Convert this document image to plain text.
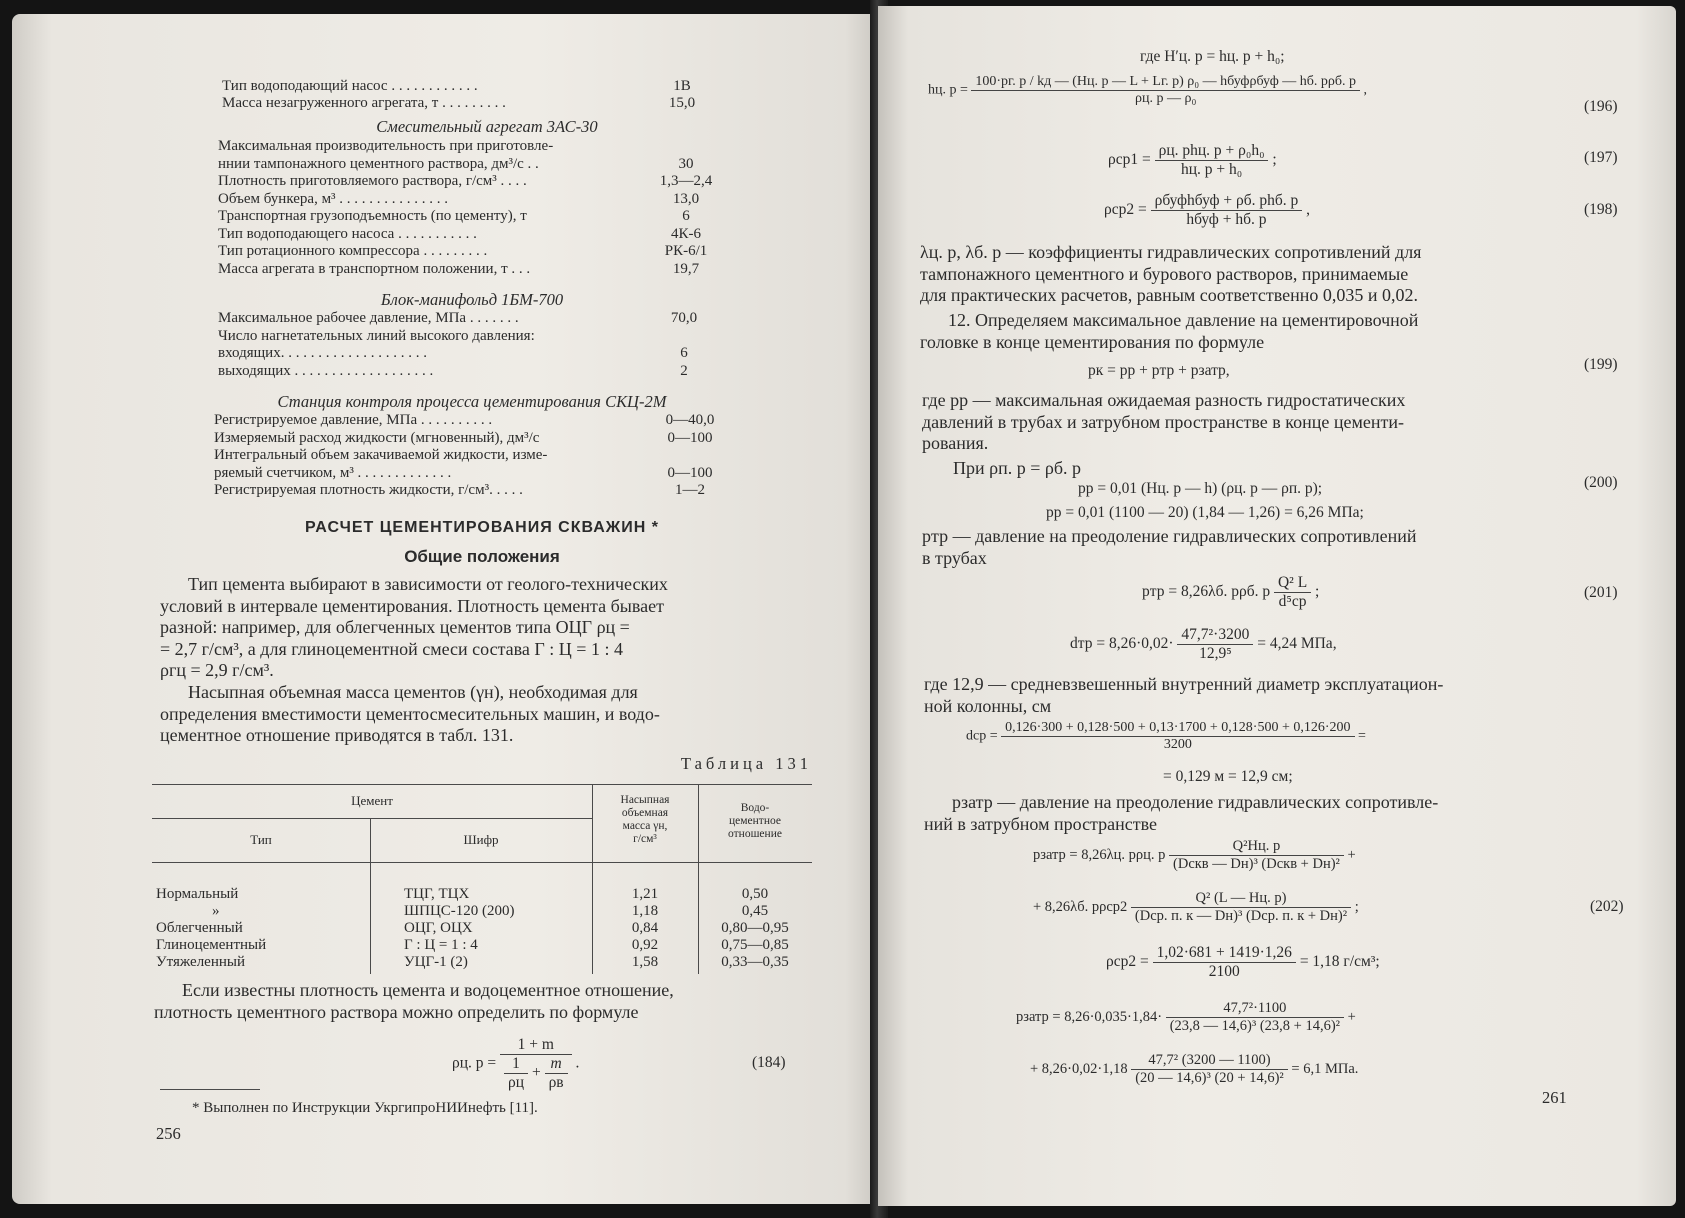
Тип водоподающий насос . . . . . . . . . . . .	1В
Масса незагруженного агрегата, т . . . . . . . . .	15,0
Смесительный агрегат 3АС-30
Максимальная производительность при приготовле-
ннии тампонажного цементного раствора, дм³/с . .	30
Плотность приготовляемого раствора, г/см³ . . . .	1,3—2,4
Объем бункера, м³ . . . . . . . . . . . . . . .	13,0
Транспортная грузоподъемность (по цементу), т	6
Тип водоподающего насоса . . . . . . . . . . .	4К-6
Тип ротационного компрессора . . . . . . . . .	РК-6/1
Масса агрегата в транспортном положении, т . . .	19,7
Блок-манифольд 1БМ-700
Максимальное рабочее давление, МПа . . . . . . .	70,0
Число нагнетательных линий высокого давления:
входящих. . . . . . . . . . . . . . . . . . . .	6
выходящих . . . . . . . . . . . . . . . . . . .	2
Станция контроля процесса цементирования СКЦ-2М
Регистрируемое давление, МПа . . . . . . . . . .	0—40,0
Измеряемый расход жидкости (мгновенный), дм³/с	0—100
Интегральный объем закачиваемой жидкости, изме-
ряемый счетчиком, м³ . . . . . . . . . . . . .	0—100
Регистрируемая плотность жидкости, г/см³. . . . .	1—2
РАСЧЕТ ЦЕМЕНТИРОВАНИЯ СКВАЖИН *
Общие положения
Тип цемента выбирают в зависимости от геолого-технических
условий в интервале цементирования. Плотность цемента бывает
разной: например, для облегченных цементов типа ОЦГ ρц =
= 2,7 г/см³, а для глиноцементной смеси состава Г : Ц = 1 : 4
ρгц = 2,9 г/см³.
Насыпная объемная масса цементов (γн), необходимая для
определения вместимости цементосмесительных машин, и водо-
цементное отношение приводятся в табл. 131.
Таблица 131
Цемент
Тип	Шифр
Насыпная
объемная
масса γн,
г/см³
Водо-
цементное
отношение
Нормальный	ТЦГ, ТЦХ	1,21	0,50
»	ШПЦС-120 (200)	1,18	0,45
Облегченный	ОЦГ, ОЦХ	0,84	0,80—0,95
Глиноцементный	Г : Ц = 1 : 4	0,92	0,75—0,85
Утяжеленный	УЦГ-1 (2)	1,58	0,33—0,35
Если известны плотность цемента и водоцементное отношение,
плотность цементного раствора можно определить по формуле
ρц. $р = \frac{1 + m}{\frac{1}{\rho ц} + \frac{m}{\rho в}}$ .	(184)
* Выполнен по Инструкции УкргипроНИИнефть [11].
256
где H′ц. р = hц. р + h₀;
hц. р =
100·pг. р / kд — (Hц. р — L + Lг. р) ρ₀ — hбуфρбуф — hб. рρб. р
ρц. р — ρ₀
,
(196)
$\rho ср1 = \frac{\text{ρц. рhц. р + ρ₀h₀}}{\text{hц. р + h₀}}$ ;	(197)
$\rho ср2 = \frac{\text{ρбуфhбуф + ρб. рhб. р}}{\text{hбуф + hб. р}}$ ,	(198)
λц. р, λб. р — коэффициенты гидравлических сопротивлений для
тампонажного цементного и бурового растворов, принимаемые
для практических расчетов, равным соответственно 0,035 и 0,02.
12. Определяем максимальное давление на цементировочной
головке в конце цементирования по формуле
pк = pр + pтр + pзатр,	(199)
где pр — максимальная ожидаемая разность гидростатических
давлений в трубах и затрубном пространстве в конце цементи-
рования.
При ρп. р = ρб. р
pр = 0,01 (Hц. р — h) (ρц. р — ρп. р);	(200)
pр = 0,01 (1100 — 20) (1,84 — 1,26) = 6,26 МПа;
pтр — давление на преодоление гидравлических сопротивлений
в трубах
pтр = 8,26λб. рρб. р $\frac{\text{Q² L}}{\text{d⁵ср}}$ ;	(201)
dтр = $8,26\cdot 0,02\cdot \frac{\text{47,7²·3200}}{\text{12,9⁵}} = 4,24$ МПа,
где 12,9 — средневзвешенный внутренний диаметр эксплуатацион-
ной колонны, см
dср = $\frac{0,126\cdot 300 + 0,128\cdot 500 + 0,13\cdot 1700 + 0,128\cdot 500 + 0,126\cdot 200}{3200}$ =
= 0,129 м = 12,9 см;
pзатр — давление на преодоление гидравлических сопротивле-
ний в затрубном пространстве
pзатр = 8,26λц. рρц. р $\frac{\text{Q²Hц. р}}{\text{(Dскв — Dн)³ (Dскв + Dн)²}}$ +
+ 8,26λб. $р\rho ср2 \frac{\text{Q² (L — Hц. р)}}{\text{(Dср. п. к — Dн)³ (Dср. п. к + Dн)²}}$ ;	(202)
$\rho ср2 = \frac{1,02\cdot 681 + 1419\cdot 1,26}{2100} = 1,18$ г/см³;
pзатр = $8,26\cdot 0,035\cdot 1,84\cdot \frac{\text{47,7²·1100}}{\text{(23,8 — 14,6)³ (23,8 + 14,6)²}}$ +
+ $8,26\cdot 0,02\cdot 1,18 \frac{\text{47,7² (3200 — 1100)}}{\text{(20 — 14,6)³ (20 + 14,6)²}} = 6,1$ МПа.
261
